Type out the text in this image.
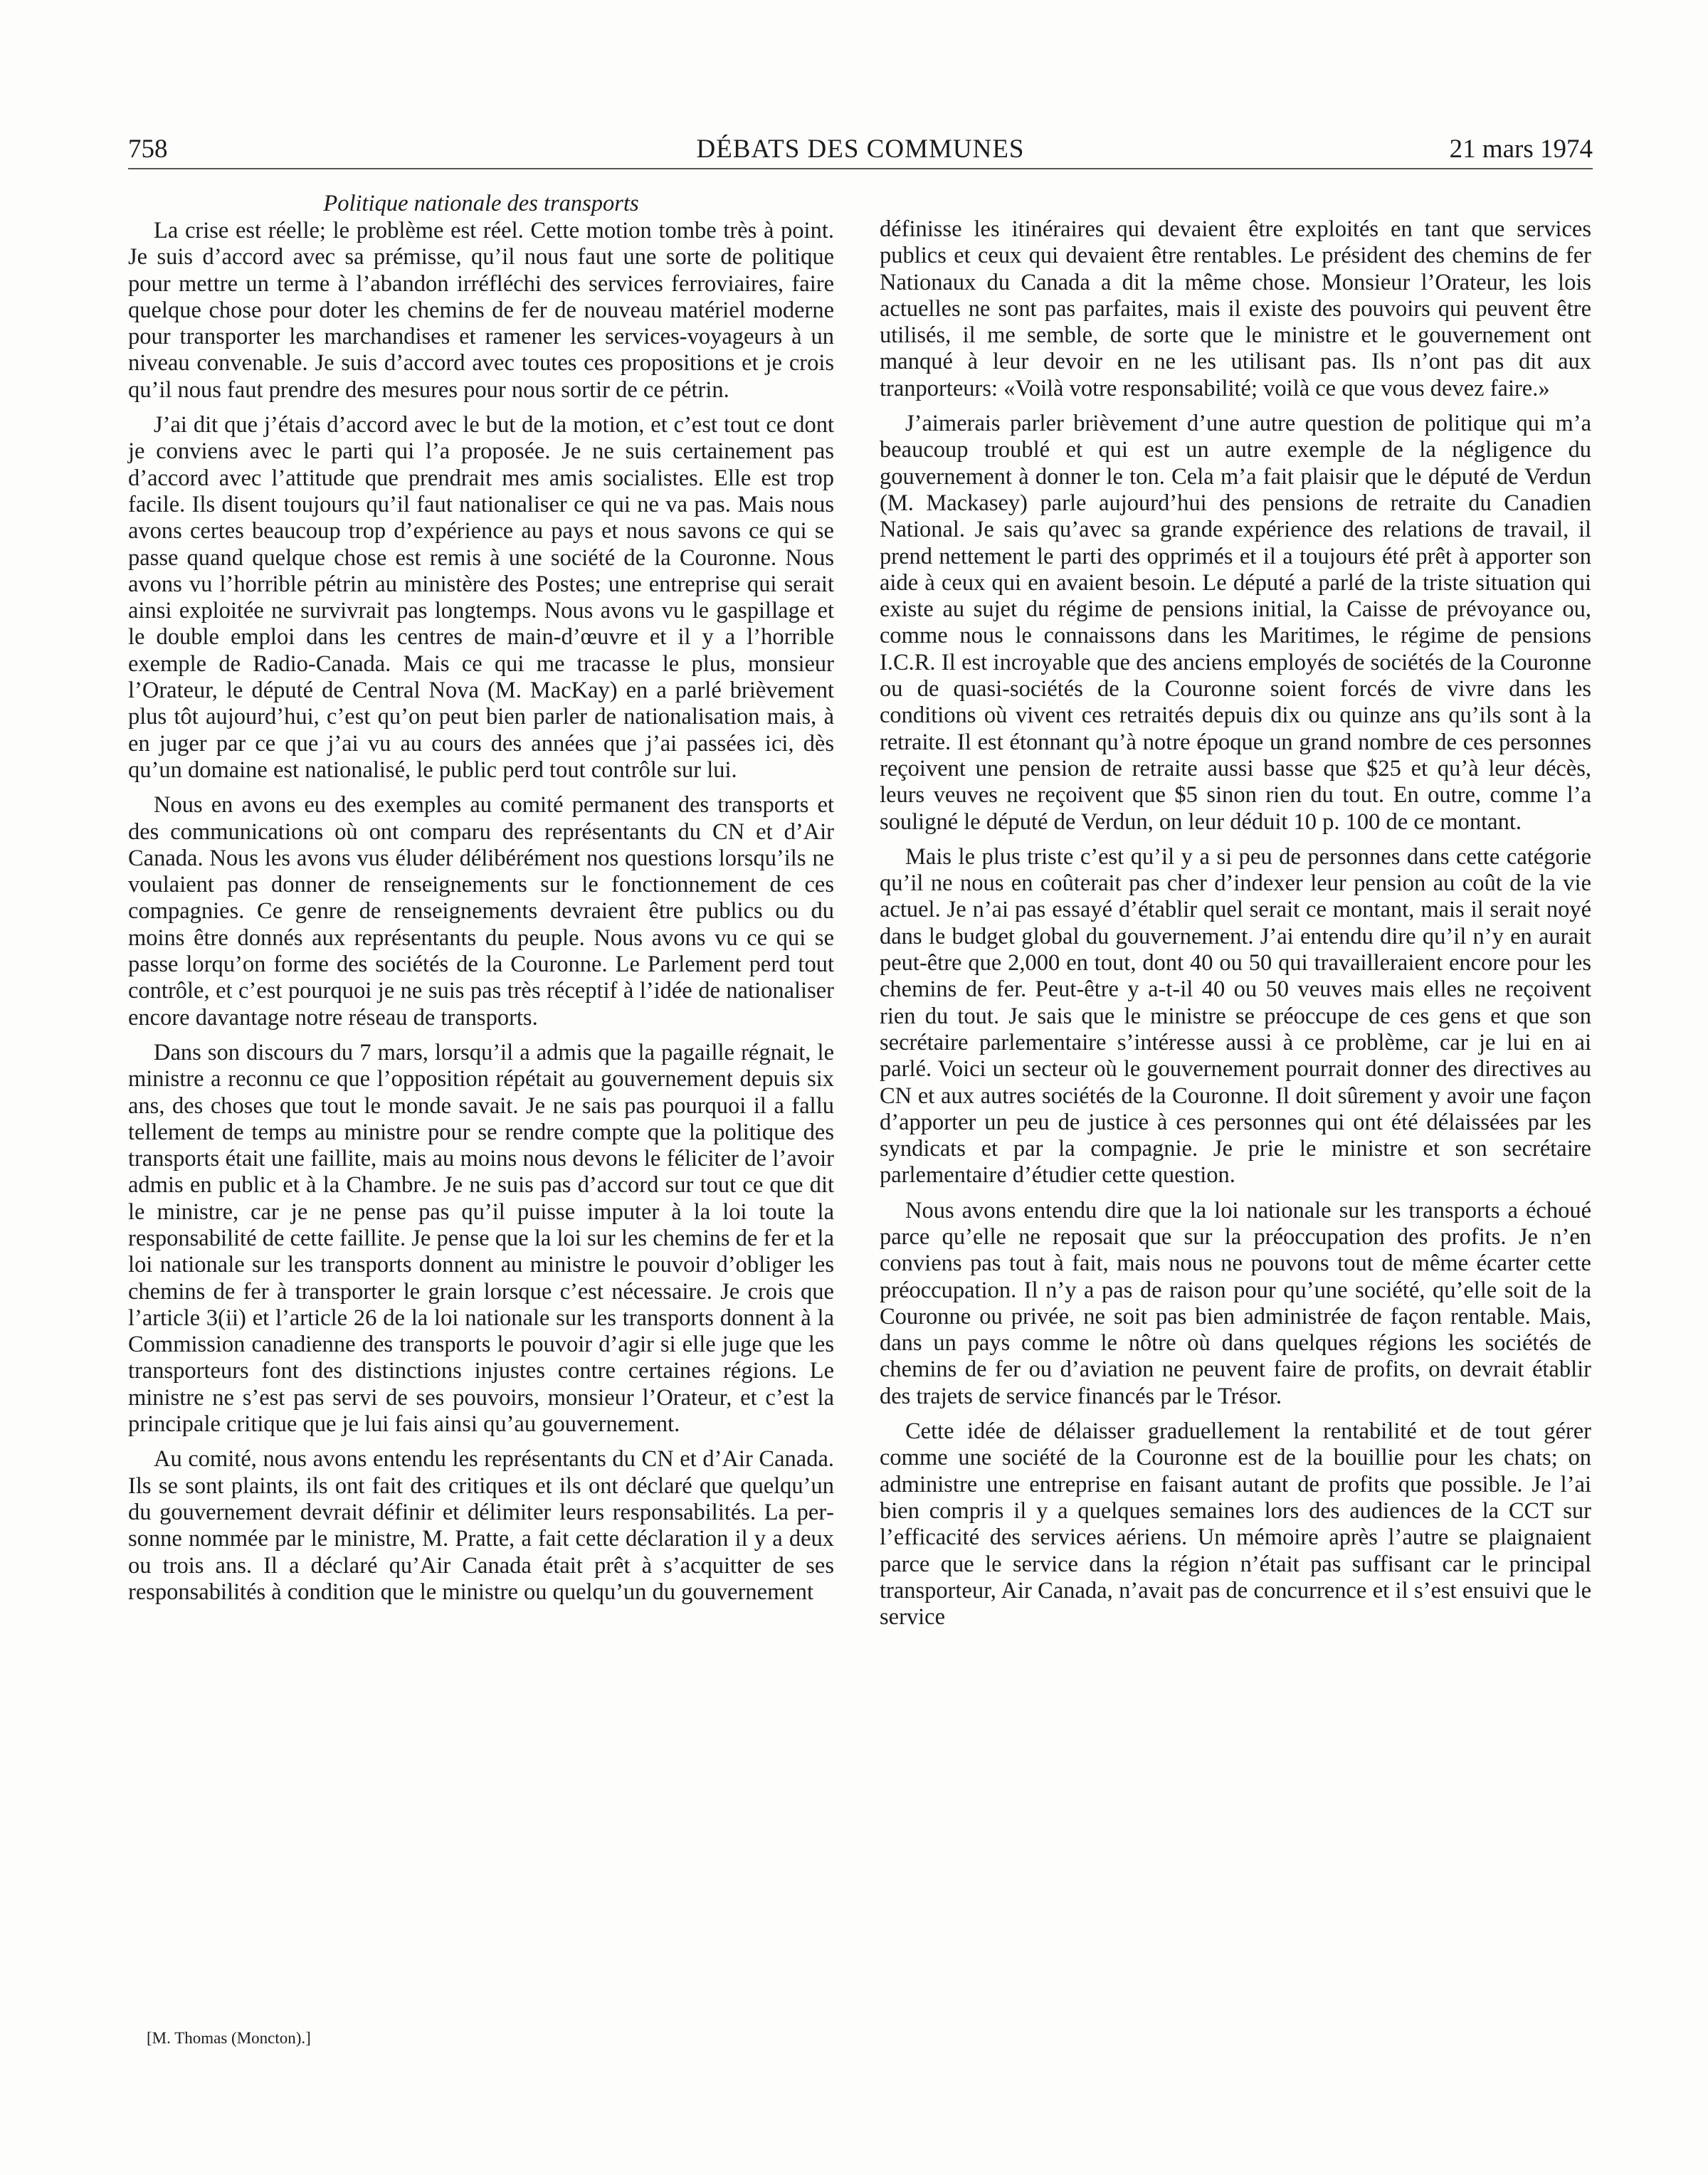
758	DÉBATS DES COMMUNES	21 mars 1974
Politique nationale des transports

La crise est réelle; le problème est réel. Cette motion tombe très à point. Je suis d’accord avec sa prémisse, qu’il nous faut une sorte de politique pour mettre un terme à l’abandon irréfléchi des services ferroviaires, faire quelque chose pour doter les chemins de fer de nouveau matériel moderne pour transporter les marchandises et ramener les services-voyageurs à un niveau convenable. Je suis d’accord avec toutes ces propositions et je crois qu’il nous faut prendre des mesures pour nous sortir de ce pétrin.

J’ai dit que j’étais d’accord avec le but de la motion, et c’est tout ce dont je conviens avec le parti qui l’a proposée. Je ne suis certainement pas d’accord avec l’attitude que prendrait mes amis socialistes. Elle est trop facile. Ils disent toujours qu’il faut nationaliser ce qui ne va pas. Mais nous avons certes beaucoup trop d’expérience au pays et nous savons ce qui se passe quand quelque chose est remis à une société de la Couronne. Nous avons vu l’horrible pétrin au ministère des Postes; une entreprise qui serait ainsi exploitée ne survivrait pas longtemps. Nous avons vu le gaspillage et le double emploi dans les centres de main-d’œuvre et il y a l’horrible exemple de Radio-Canada. Mais ce qui me tracasse le plus, monsieur l’Orateur, le député de Central Nova (M. MacKay) en a parlé brièvement plus tôt aujourd’hui, c’est qu’on peut bien parler de nationalisation mais, à en juger par ce que j’ai vu au cours des années que j’ai passées ici, dès qu’un domaine est nationalisé, le public perd tout contrôle sur lui.

Nous en avons eu des exemples au comité permanent des transports et des communications où ont comparu des représentants du CN et d’Air Canada. Nous les avons vus éluder délibérément nos questions lorsqu’ils ne voulaient pas donner de renseignements sur le fonctionnement de ces compagnies. Ce genre de renseignements devraient être publics ou du moins être donnés aux représentants du peuple. Nous avons vu ce qui se passe lorqu’on forme des sociétés de la Couronne. Le Parlement perd tout contrôle, et c’est pourquoi je ne suis pas très réceptif à l’idée de nationaliser encore davantage notre réseau de transports.

Dans son discours du 7 mars, lorsqu’il a admis que la pagaille régnait, le ministre a reconnu ce que l’opposition répétait au gouvernement depuis six ans, des choses que tout le monde savait. Je ne sais pas pourquoi il a fallu tellement de temps au ministre pour se rendre compte que la politique des transports était une faillite, mais au moins nous devons le féliciter de l’avoir admis en public et à la Chambre. Je ne suis pas d’accord sur tout ce que dit le ministre, car je ne pense pas qu’il puisse imputer à la loi toute la responsabilité de cette faillite. Je pense que la loi sur les chemins de fer et la loi nationale sur les transports donnent au ministre le pouvoir d’obliger les chemins de fer à transporter le grain lorsque c’est nécessaire. Je crois que l’article 3(ii) et l’article 26 de la loi nationale sur les transports donnent à la Commission canadienne des transports le pouvoir d’agir si elle juge que les transporteurs font des distinctions injustes contre certaines régions. Le ministre ne s’est pas servi de ses pouvoirs, monsieur l’Orateur, et c’est la principale critique que je lui fais ainsi qu’au gouvernement.

Au comité, nous avons entendu les représentants du CN et d’Air Canada. Ils se sont plaints, ils ont fait des critiques et ils ont déclaré que quelqu’un du gouvernement devrait définir et délimiter leurs responsabilités. La personne nommée par le ministre, M. Pratte, a fait cette déclaration il y a deux ou trois ans. Il a déclaré qu’Air Canada était prêt à s’acquitter de ses responsabilités à condition que le ministre ou quelqu’un du gouvernement

définisse les itinéraires qui devaient être exploités en tant que services publics et ceux qui devaient être rentables. Le président des chemins de fer Nationaux du Canada a dit la même chose. Monsieur l’Orateur, les lois actuelles ne sont pas parfaites, mais il existe des pouvoirs qui peuvent être utilisés, il me semble, de sorte que le ministre et le gouvernement ont manqué à leur devoir en ne les utilisant pas. Ils n’ont pas dit aux tranporteurs: «Voilà votre responsabilité; voilà ce que vous devez faire.»

J’aimerais parler brièvement d’une autre question de politique qui m’a beaucoup troublé et qui est un autre exemple de la négligence du gouvernement à donner le ton. Cela m’a fait plaisir que le député de Verdun (M. Mackasey) parle aujourd’hui des pensions de retraite du Canadien National. Je sais qu’avec sa grande expérience des relations de travail, il prend nettement le parti des opprimés et il a toujours été prêt à apporter son aide à ceux qui en avaient besoin. Le député a parlé de la triste situation qui existe au sujet du régime de pensions initial, la Caisse de prévoyance ou, comme nous le connaissons dans les Maritimes, le régime de pensions I.C.R. Il est incroyable que des anciens employés de sociétés de la Couronne ou de quasi-sociétés de la Couronne soient forcés de vivre dans les conditions où vivent ces retraités depuis dix ou quinze ans qu’ils sont à la retraite. Il est étonnant qu’à notre époque un grand nombre de ces personnes reçoivent une pension de retraite aussi basse que $25 et qu’à leur décès, leurs veuves ne reçoivent que $5 sinon rien du tout. En outre, comme l’a souligné le député de Verdun, on leur déduit 10 p. 100 de ce montant.

Mais le plus triste c’est qu’il y a si peu de personnes dans cette catégorie qu’il ne nous en coûterait pas cher d’indexer leur pension au coût de la vie actuel. Je n’ai pas essayé d’établir quel serait ce montant, mais il serait noyé dans le budget global du gouvernement. J’ai entendu dire qu’il n’y en aurait peut-être que 2,000 en tout, dont 40 ou 50 qui travailleraient encore pour les chemins de fer. Peut-être y a-t-il 40 ou 50 veuves mais elles ne reçoivent rien du tout. Je sais que le ministre se préoccupe de ces gens et que son secrétaire parlementaire s’intéresse aussi à ce problème, car je lui en ai parlé. Voici un secteur où le gouvernement pourrait donner des directives au CN et aux autres sociétés de la Couronne. Il doit sûrement y avoir une façon d’apporter un peu de justice à ces personnes qui ont été délaissées par les syndicats et par la compagnie. Je prie le ministre et son secrétaire parlementaire d’étudier cette question.

Nous avons entendu dire que la loi nationale sur les transports a échoué parce qu’elle ne reposait que sur la préoccupation des profits. Je n’en conviens pas tout à fait, mais nous ne pouvons tout de même écarter cette préoccupation. Il n’y a pas de raison pour qu’une société, qu’elle soit de la Couronne ou privée, ne soit pas bien administrée de façon rentable. Mais, dans un pays comme le nôtre où dans quelques régions les sociétés de chemins de fer ou d’aviation ne peuvent faire de profits, on devrait établir des trajets de service financés par le Trésor.

Cette idée de délaisser graduellement la rentabilité et de tout gérer comme une société de la Couronne est de la bouillie pour les chats; on administre une entreprise en faisant autant de profits que possible. Je l’ai bien compris il y a quelques semaines lors des audiences de la CCT sur l’efficacité des services aériens. Un mémoire après l’autre se plaignaient parce que le service dans la région n’était pas suffisant car le principal transporteur, Air Canada, n’avait pas de concurrence et il s’est ensuivi que le service

[M. Thomas (Moncton).]
